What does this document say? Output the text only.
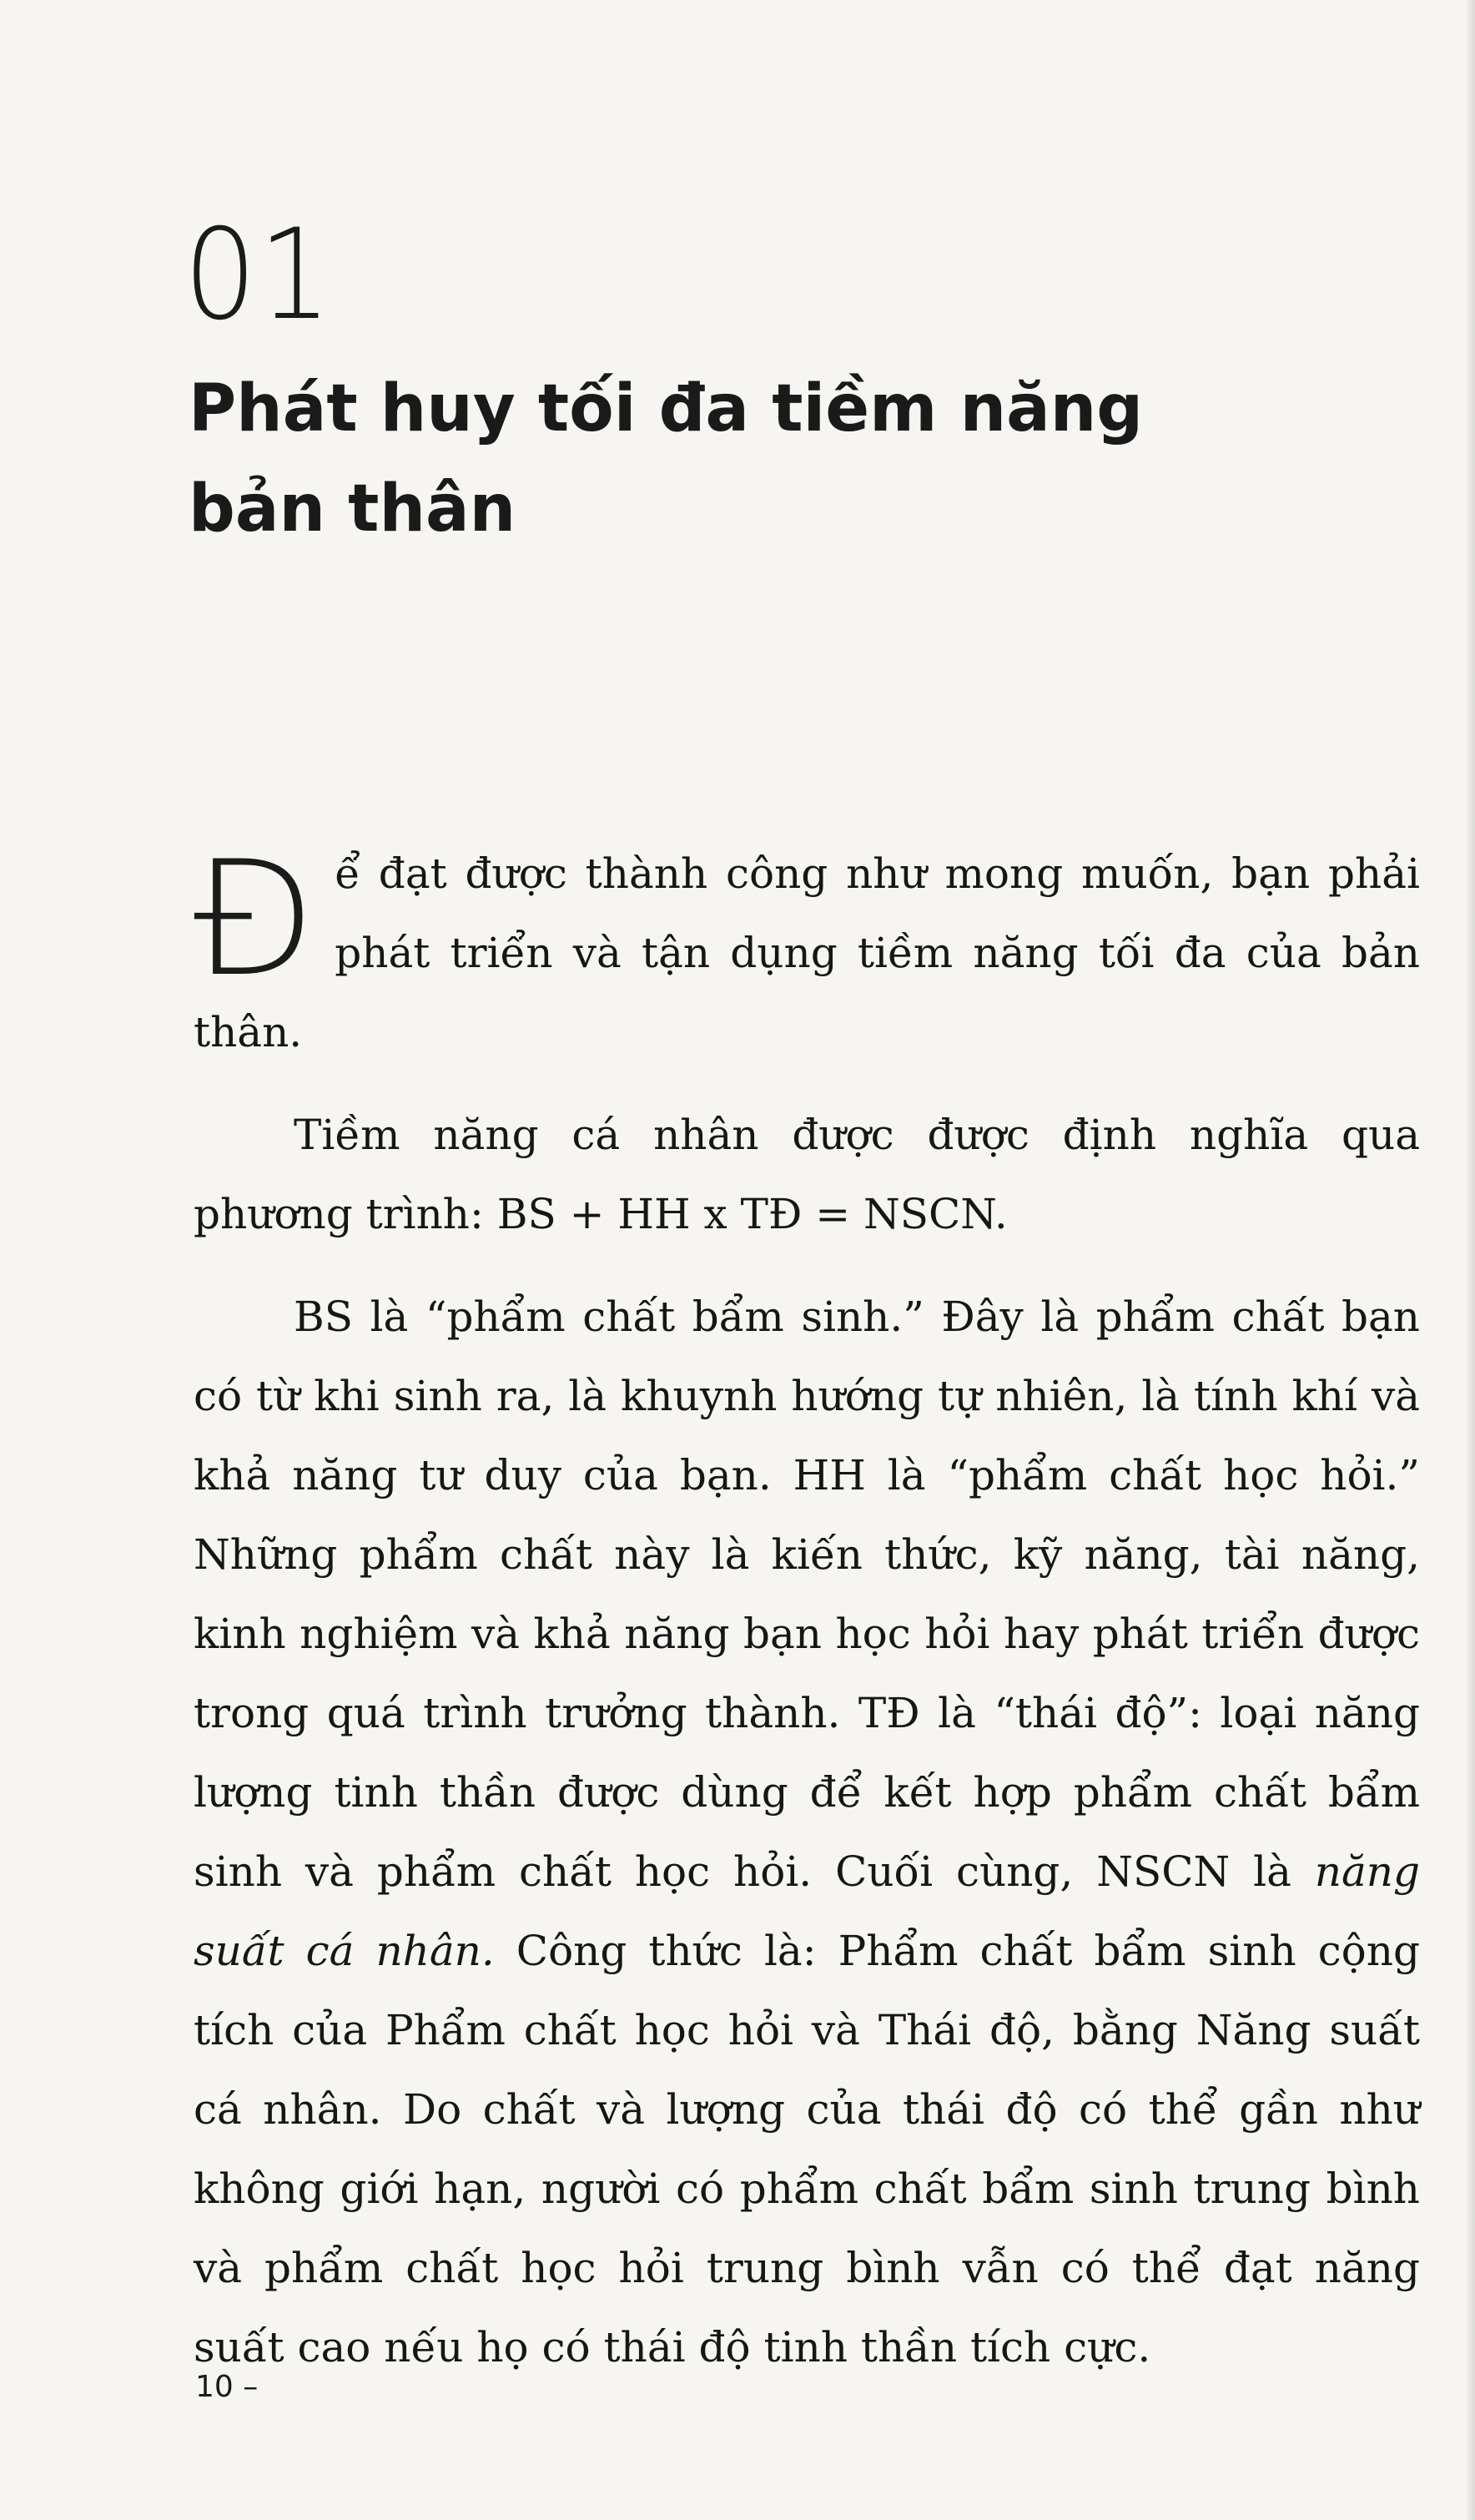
01
Phát huy tối đa tiềm năng bản thân

Để đạt được thành công như mong muốn, bạn phải phát triển và tận dụng tiềm năng tối đa của bản thân.

Tiềm năng cá nhân được được định nghĩa qua phương trình: BS + HH x TĐ = NSCN.

BS là “phẩm chất bẩm sinh.” Đây là phẩm chất bạn có từ khi sinh ra, là khuynh hướng tự nhiên, là tính khí và khả năng tư duy của bạn. HH là “phẩm chất học hỏi.” Những phẩm chất này là kiến thức, kỹ năng, tài năng, kinh nghiệm và khả năng bạn học hỏi hay phát triển được trong quá trình trưởng thành. TĐ là “thái độ”: loại năng lượng tinh thần được dùng để kết hợp phẩm chất bẩm sinh và phẩm chất học hỏi. Cuối cùng, NSCN là năng suất cá nhân. Công thức là: Phẩm chất bẩm sinh cộng tích của Phẩm chất học hỏi và Thái độ, bằng Năng suất cá nhân. Do chất và lượng của thái độ có thể gần như không giới hạn, người có phẩm chất bẩm sinh trung bình và phẩm chất học hỏi trung bình vẫn có thể đạt năng suất cao nếu họ có thái độ tinh thần tích cực.

10 –
